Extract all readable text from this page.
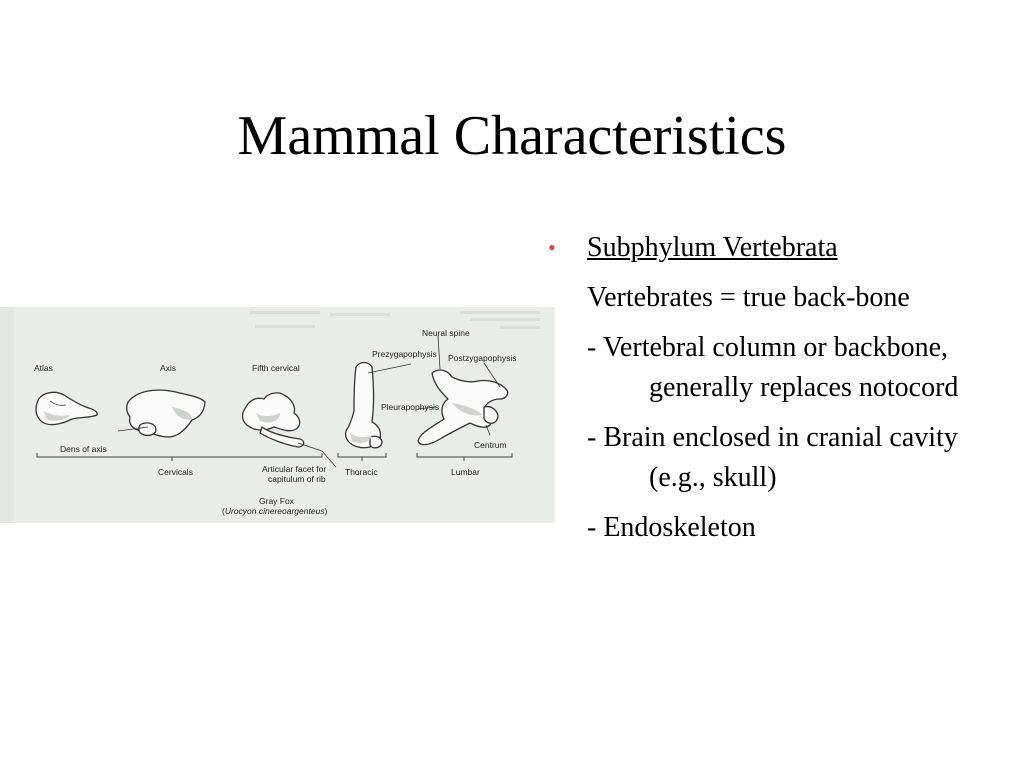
Mammal Characteristics
Atlas	Axis	Fifth cervical
Neural spine
Prezygapophysis Postzygapophysis
Pleurapophysis
Centrum
Dens of axis
Articular facet for
capitulum of rib
Cervicals	Thoracic	Lumbar
Gray Fox
(Urocyon cinereoargenteus)
• Subphylum Vertebrata
Vertebrates = true back-bone
- Vertebral column or backbone, generally replaces notocord
- Brain enclosed in cranial cavity (e.g., skull)
- Endoskeleton
